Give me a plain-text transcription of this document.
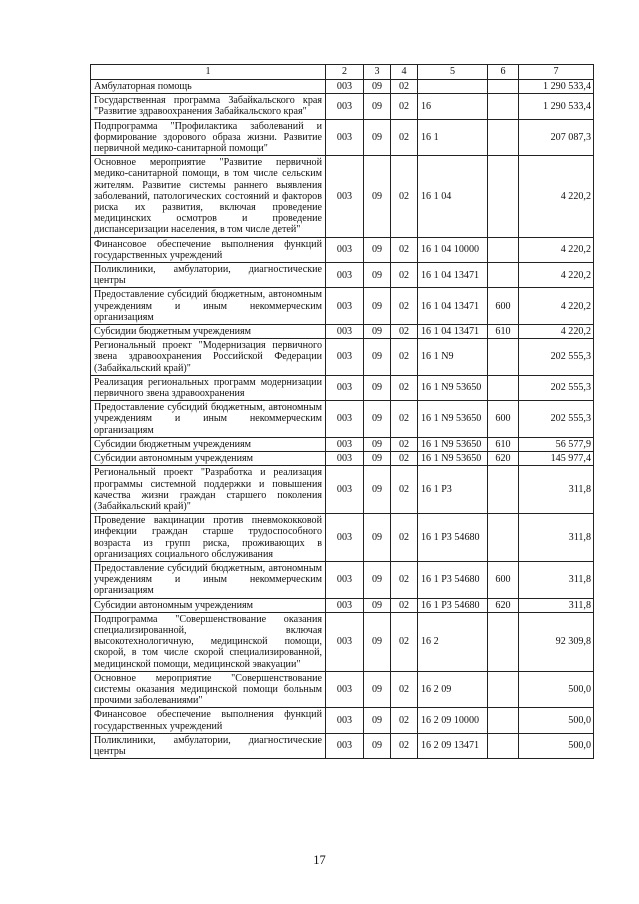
1	2	3	4	5	6	7
Амбулаторная помощь	003	09	02			1 290 533,4
Государственная программа Забайкальского края "Развитие здравоохранения Забайкальского края"	003	09	02	16		1 290 533,4
Подпрограмма "Профилактика заболеваний и формирование здорового образа жизни. Развитие первичной медико-санитарной помощи"	003	09	02	16 1		207 087,3
Основное мероприятие "Развитие первичной медико-санитарной помощи, в том числе сельским жителям. Развитие системы раннего выявления заболеваний, патологических состояний и факторов риска их развития, включая проведение медицинских осмотров и проведение диспансеризации населения, в том числе детей"	003	09	02	16 1 04		4 220,2
Финансовое обеспечение выполнения функций государственных учреждений	003	09	02	16 1 04 10000		4 220,2
Поликлиники, амбулатории, диагностические центры	003	09	02	16 1 04 13471		4 220,2
Предоставление субсидий бюджетным, автономным учреждениям и иным некоммерческим организациям	003	09	02	16 1 04 13471	600	4 220,2
Субсидии бюджетным учреждениям	003	09	02	16 1 04 13471	610	4 220,2
Региональный проект "Модернизация первичного звена здравоохранения Российской Федерации (Забайкальский край)"	003	09	02	16 1 N9		202 555,3
Реализация региональных программ модернизации первичного звена здравоохранения	003	09	02	16 1 N9 53650		202 555,3
Предоставление субсидий бюджетным, автономным учреждениям и иным некоммерческим организациям	003	09	02	16 1 N9 53650	600	202 555,3
Субсидии бюджетным учреждениям	003	09	02	16 1 N9 53650	610	56 577,9
Субсидии автономным учреждениям	003	09	02	16 1 N9 53650	620	145 977,4
Региональный проект "Разработка и реализация программы системной поддержки и повышения качества жизни граждан старшего поколения (Забайкальский край)"	003	09	02	16 1 P3		311,8
Проведение вакцинации против пневмококковой инфекции граждан старше трудоспособного возраста из групп риска, проживающих в организациях социального обслуживания	003	09	02	16 1 P3 54680		311,8
Предоставление субсидий бюджетным, автономным учреждениям и иным некоммерческим организациям	003	09	02	16 1 P3 54680	600	311,8
Субсидии автономным учреждениям	003	09	02	16 1 P3 54680	620	311,8
Подпрограмма "Совершенствование оказания специализированной, включая высокотехнологичную, медицинской помощи, скорой, в том числе скорой специализированной, медицинской помощи, медицинской эвакуации"	003	09	02	16 2		92 309,8
Основное мероприятие "Совершенствование системы оказания медицинской помощи больным прочими заболеваниями"	003	09	02	16 2 09		500,0
Финансовое обеспечение выполнения функций государственных учреждений	003	09	02	16 2 09 10000		500,0
Поликлиники, амбулатории, диагностические центры	003	09	02	16 2 09 13471		500,0
17
